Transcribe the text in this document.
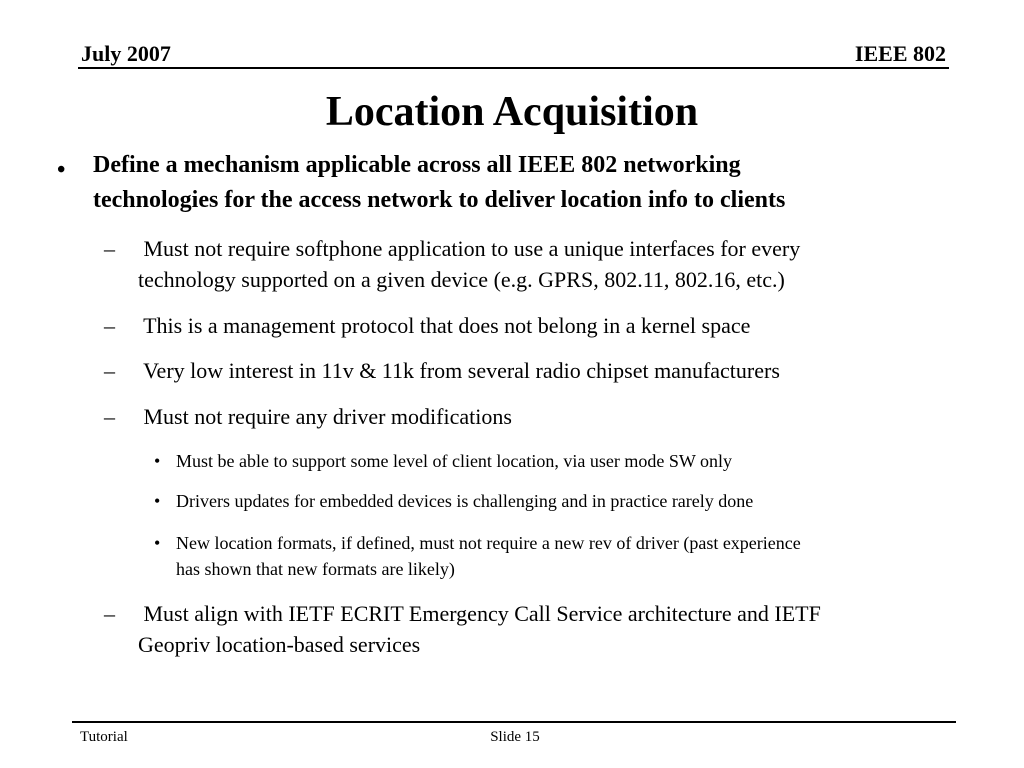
July 2007	IEEE 802
Location Acquisition
• Define a mechanism applicable across all IEEE 802 networking
technologies for the access network to deliver location info to clients
– Must not require softphone application to use a unique interfaces for every
technology supported on a given device (e.g. GPRS, 802.11, 802.16, etc.)
– This is a management protocol that does not belong in a kernel space
– Very low interest in 11v & 11k from several radio chipset manufacturers
– Must not require any driver modifications
• Must be able to support some level of client location, via user mode SW only
• Drivers updates for embedded devices is challenging and in practice rarely done
• New location formats, if defined, must not require a new rev of driver (past experience
has shown that new formats are likely)
– Must align with IETF ECRIT Emergency Call Service architecture and IETF
Geopriv location-based services
Tutorial	Slide 15
